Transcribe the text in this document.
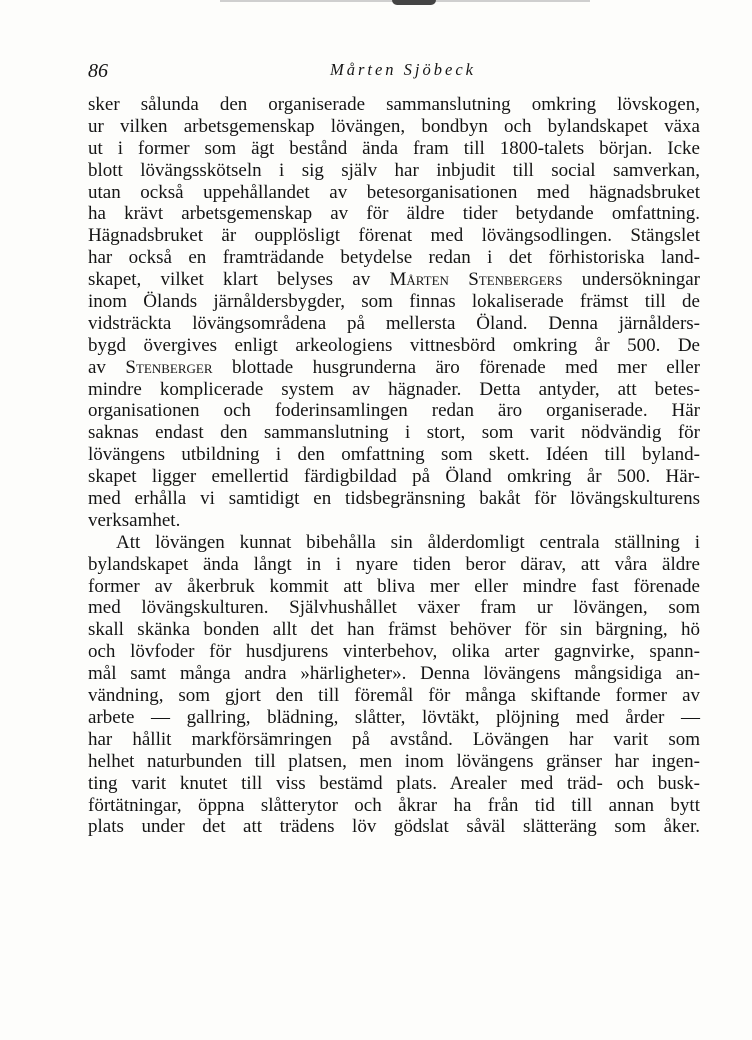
86	Mårten Sjöbeck
sker sålunda den organiserade sammanslutning omkring lövskogen,
ur vilken arbetsgemenskap lövängen, bondbyn och bylandskapet växa
ut i former som ägt bestånd ända fram till 1800-talets början. Icke
blott lövängsskötseln i sig själv har inbjudit till social samverkan,
utan också uppehållandet av betesorganisationen med hägnadsbruket
ha krävt arbetsgemenskap av för äldre tider betydande omfattning.
Hägnadsbruket är oupplösligt förenat med lövängsodlingen. Stängslet
har också en framträdande betydelse redan i det förhistoriska land-
skapet, vilket klart belyses av Mårten Stenbergers undersökningar
inom Ölands järnåldersbygder, som finnas lokaliserade främst till de
vidsträckta lövängsområdena på mellersta Öland. Denna järnålders-
bygd övergives enligt arkeologiens vittnesbörd omkring år 500. De
av Stenberger blottade husgrunderna äro förenade med mer eller
mindre komplicerade system av hägnader. Detta antyder, att betes-
organisationen och foderinsamlingen redan äro organiserade. Här
saknas endast den sammanslutning i stort, som varit nödvändig för
lövängens utbildning i den omfattning som skett. Idéen till byland-
skapet ligger emellertid färdigbildad på Öland omkring år 500. Här-
med erhålla vi samtidigt en tidsbegränsning bakåt för lövängskulturens
verksamhet.
Att lövängen kunnat bibehålla sin ålderdomligt centrala ställning i
bylandskapet ända långt in i nyare tiden beror därav, att våra äldre
former av åkerbruk kommit att bliva mer eller mindre fast förenade
med lövängskulturen. Självhushållet växer fram ur lövängen, som
skall skänka bonden allt det han främst behöver för sin bärgning, hö
och lövfoder för husdjurens vinterbehov, olika arter gagnvirke, spann-
mål samt många andra »härligheter». Denna lövängens mångsidiga an-
vändning, som gjort den till föremål för många skiftande former av
arbete — gallring, blädning, slåtter, lövtäkt, plöjning med årder —
har hållit markförsämringen på avstånd. Lövängen har varit som
helhet naturbunden till platsen, men inom lövängens gränser har ingen-
ting varit knutet till viss bestämd plats. Arealer med träd- och busk-
förtätningar, öppna slåtterytor och åkrar ha från tid till annan bytt
plats under det att trädens löv gödslat såväl slätteräng som åker.
